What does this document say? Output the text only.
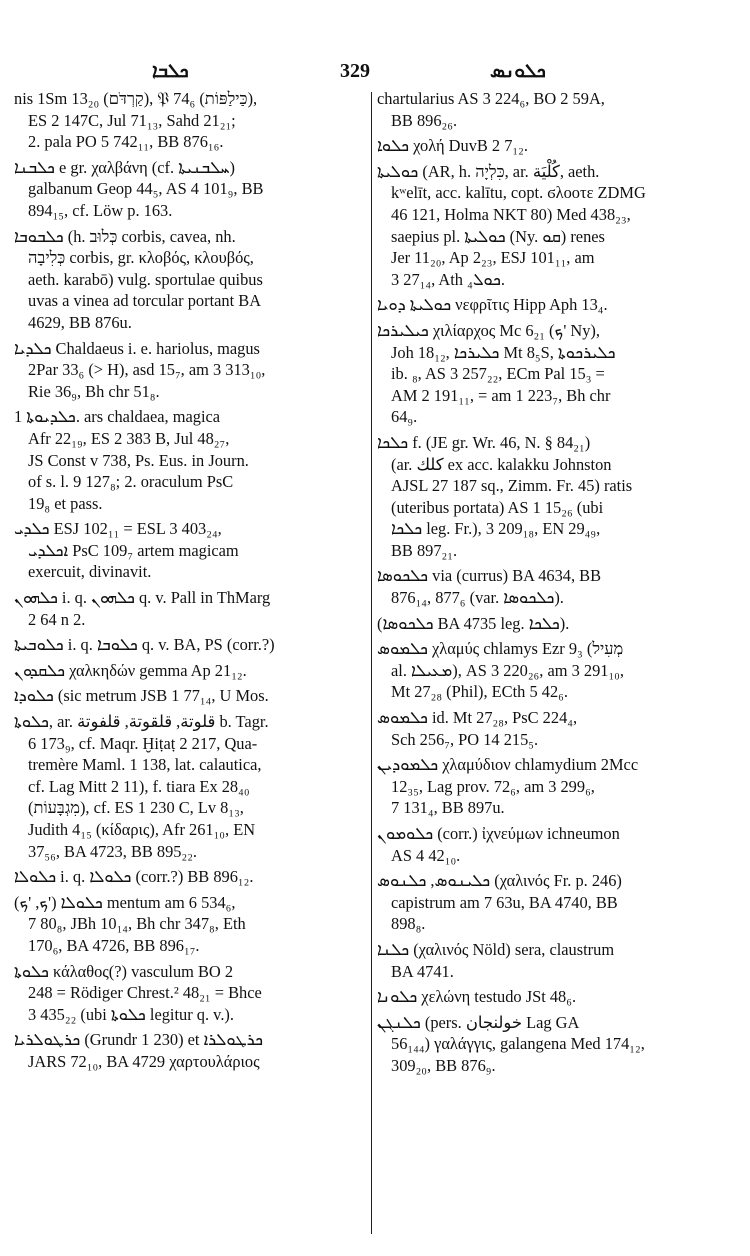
ܟܠܒܐ	329	ܟܠܘܢܣ
nis 1Sm 13₂₀ (קַרְדֹּם), 𝔓 74₆ (כַּילַפּוֹת),
ES 2 147C, Jul 71₁₃, Sahd 21₂₁;
2. pala PO 5 742₁₁, BB 876₁₆.
ܟܠܒܢܐ e gr. χαλβάνη (cf. ܚܠܒܢܝܬܐ)
galbanum Geop 44₅, AS 4 101₉, BB
894₁₅, cf. Löw p. 163.
ܟܠܒܘܒܐ (h. כְּלוּב corbis, cavea, nh.
כְּלִיבָה corbis, gr. κλοβός, κλουβός,
aeth. karabō) vulg. sportulae quibus
uvas a vinea ad torcular portant BA
4629, BB 876u.
ܟܠܕܝܐ Chaldaeus i. e. hariolus, magus
2Par 33₆ (> H), asd 15₇, am 3 313₁₀,
Rie 36₉, Bh chr 51₈.
ܟܠܕܝܘܬܐ 1. ars chaldaea, magica
Afr 22₁₉, ES 2 383 B, Jul 48₂₇,
JS Const v 738, Ps. Eus. in Journ.
of s. l. 9 127₈; 2. oraculum PsC
19₈ et pass.
ܟܠܕܝ ESJ 102₁₁ = ESL 3 403₂₄,
ܐܟܠܕܝ PsC 109₇ artem magicam
exercuit, divinavit.
ܟܠܗܘܢ i. q. ܟܠܗܘܢ q. v. Pall in ThMarg
2 64 n 2.
ܟܠܘܒܝܬܐ i. q. ܟܠܘܒܐ q. v. BA, PS (corr.?)
ܟܠܩܕܘܢ χαλκηδών gemma Ap 21₁₂.
ܟܠܘܕܐ (sic metrum JSB 1 77₁₄, U Mos.
ܟܠܘܬܐ, ar. قلوتة, قلقوتة, قلفوتة b. Tagr.
6 173₉, cf. Maqr. Ḫiṭaṭ 2 217, Qua-
tremère Maml. 1 138, lat. calautica,
cf. Lag Mitt 2 11), f. tiara Ex 28₄₀
(מִגְבָּעוֹת), cf. ES 1 230 C, Lv 8₁₃,
Judith 4₁₅ (κίδαρις), Afr 261₁₀, EN
37₅₆, BA 4723, BB 895₂₂.
ܟܠܘܠܐ i. q. ܟܠܘܠܐ (corr.?) BB 896₁₂.
ܟܠܘܠܐ ('ܟ, 'ܟ) mentum am 6 534₆,
7 80₈, JBh 10₁₄, Bh chr 347₈, Eth
170₆, BA 4726, BB 896₁₇.
ܟܠܘܬܐ κάλαθος(?) vasculum BO 2
248 = Rödiger Chrest.² 48₂₁ = Bhce
3 435₂₂ (ubi ܟܠܘܬܐ legitur q. v.).
ܟܪܛܘܠܪܝܐ (Grundr 1 230) et ܟܪܛܘܠܪܐ
JARS 72₁₀, BA 4729 χαρτουλάριος
chartularius AS 3 224₆, BO 2 59A,
BB 896₂₆.
ܟܠܘܐ χολή DuvB 2 7₁₂.
ܟܘܠܝܬܐ (AR, h. כִּלְיָה, ar. كُلْيَة, aeth.
kʷelīt, acc. kalītu, copt. ϭλοοτε ZDMG
46 121, Holma NKT 80) Med 438₂₃,
saepius pl. ܟܘܠܝܬܐ (Ny. ܩܘ) renes
Jer 11₂₀, Ap 2₂₃, ESJ 101₁₁, am
3 27₁₄, Ath ܟܘܠ₄.
ܟܘܠܝܬܐ ܕܘܝܐ νεφρῖτις Hipp Aph 13₄.
ܟܝܠܝܪܟܐ χιλίαρχος Mc 6₂₁ (ܟ' Ny),
Joh 18₁₂, ܟܠܝܪܟܐ Mt 8₅S, ܟܠܝܪܟܘܬܐ
ib. ₈, AS 3 257₂₂, ECm Pal 15₃ =
AM 2 191₁₁, = am 1 223₇, Bh chr
64₉.
ܟܠܟܐ f. (JE gr. Wr. 46, N. § 84₂₁)
(ar. كلك ex acc. kalakku Johnston
AJSL 27 187 sq., Zimm. Fr. 45) ratis
(uteribus portata) AS 1 15₂₆ (ubi
ܟܠܟܐ leg. Fr.), 3 209₁₈, EN 29₄₉,
BB 897₂₁.
ܟܠܟܘܣܐ via (currus) BA 4634, BB
876₁₄, 877₆ (var. ܟܠܟܘܣܐ).
(ܟܠܟܘܣܐ BA 4735 leg. ܟܠܟܐ).
ܟܠܡܘܣ χλαμύς chlamys Ezr 9₃ (מְעִיל
al. ܡܥܝܠܐ), AS 3 220₂₆, am 3 291₁₀,
Mt 27₂₈ (Phil), ECth 5 42₆.
ܟܠܡܘܣ id. Mt 27₂₈, PsC 224₄,
Sch 256₇, PO 14 215₅.
ܟܠܡܘܕܝܢ χλαμύδιον chlamydium 2Mcc
12₃₅, Lag prov. 72₆, am 3 299₆,
7 131₄, BB 897u.
ܟܠܘܡܘܢ (corr.) ἰχνεύμων ichneumon
AS 4 42₁₀.
ܟܠܝܢܘܣ, ܟܠܢܘܣ (χαλινός Fr. p. 246)
capistrum am 7 63u, BA 4740, BB
898₈.
ܟܠܢܐ (χαλινός Nöld) sera, claustrum
BA 4741.
ܟܠܘܢܐ χελώνη testudo JSt 48₆.
ܟܠܢܓܢ (pers. خولنجان Lag GA
56₁₄₄) γαλάγγις, galangena Med 174₁₂,
309₂₀, BB 876₉.
